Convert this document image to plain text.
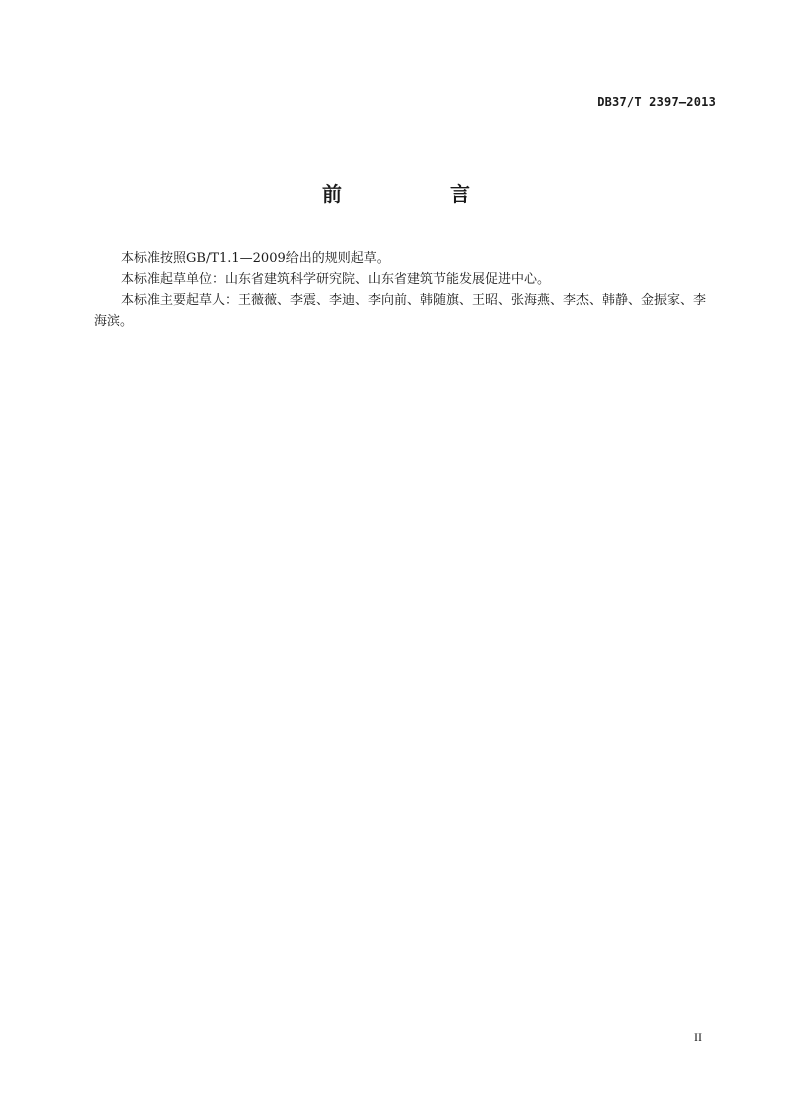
DB37/T 2397—2013
前　言

本标准按照GB/T1.1—2009给出的规则起草。

本标准起草单位：山东省建筑科学研究院、山东省建筑节能发展促进中心。

本标准主要起草人：王薇薇、李震、李迪、李向前、韩随旗、王昭、张海燕、李杰、韩静、金振家、李海滨。

II
